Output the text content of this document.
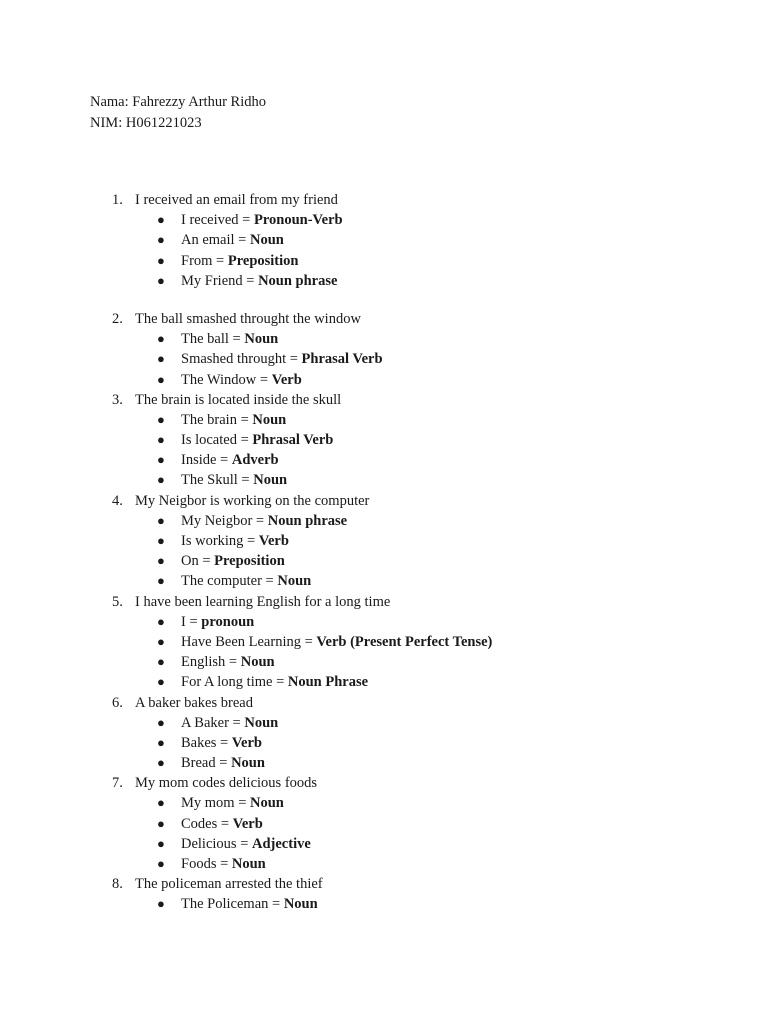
Nama: Fahrezzy Arthur Ridho
NIM: H061221023
1. I received an email from my friend
● I received = Pronoun-Verb
● An email = Noun
● From = Preposition
● My Friend = Noun phrase
2. The ball smashed throught the window
● The ball = Noun
● Smashed throught = Phrasal Verb
● The Window = Verb
3. The brain is located inside the skull
● The brain = Noun
● Is located = Phrasal Verb
● Inside = Adverb
● The Skull = Noun
4. My Neigbor is working on the computer
● My Neigbor = Noun phrase
● Is working = Verb
● On = Preposition
● The computer = Noun
5. I have been learning English for a long time
● I = pronoun
● Have Been Learning = Verb (Present Perfect Tense)
● English = Noun
● For A long time = Noun Phrase
6. A baker bakes bread
● A Baker = Noun
● Bakes = Verb
● Bread = Noun
7. My mom codes delicious foods
● My mom = Noun
● Codes = Verb
● Delicious = Adjective
● Foods = Noun
8. The policeman arrested the thief
● The Policeman = Noun
